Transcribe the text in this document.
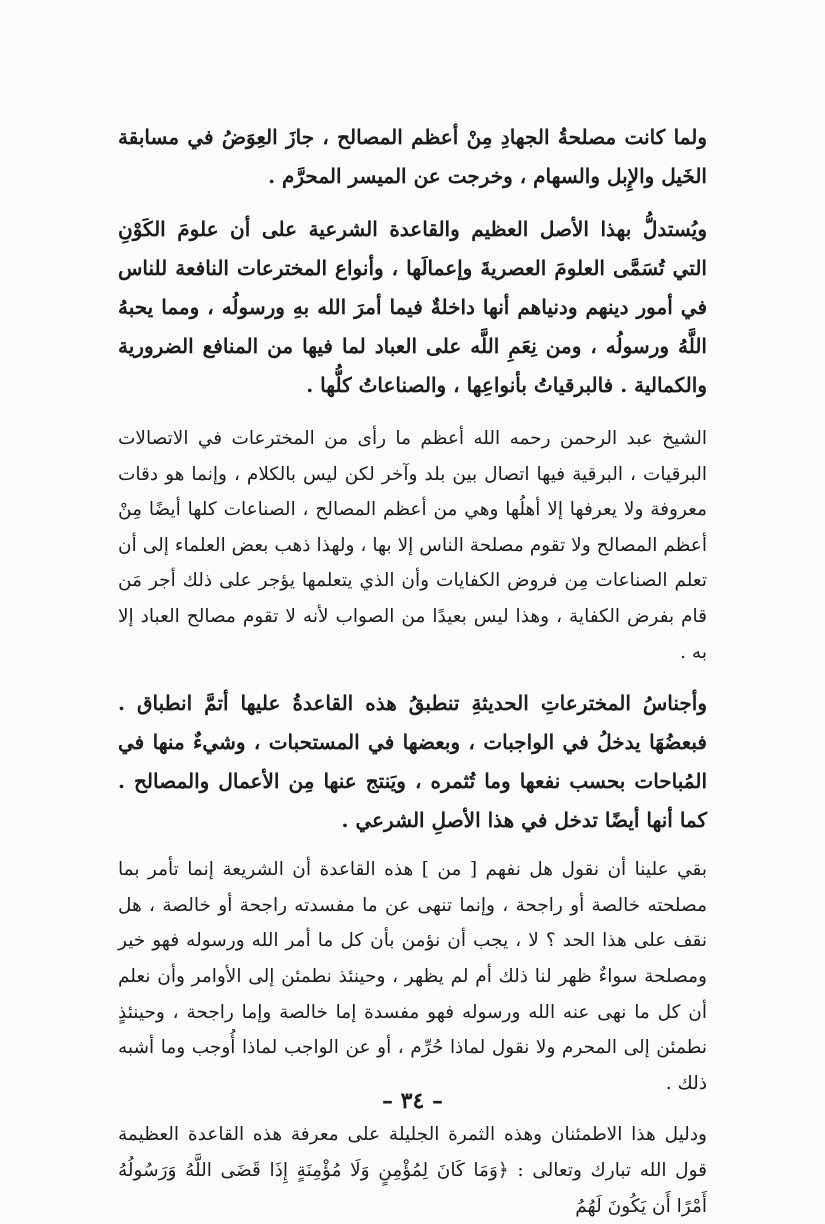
ولما كانت مصلحةُ الجهادِ مِنْ أعظم المصالح ، جازَ العِوَضُ في مسابقة الخَيل والإِبل والسهام ، وخرجت عن الميسر المحرَّم .

ويُستدلُّ بهذا الأصل العظيم والقاعدة الشرعية على أن علومَ الكَوْنِ التي تُسَمَّى العلومَ العصريةَ وإعمالَها ، وأنواع المخترعات النافعة للناس في أمور دينهم ودنياهم أنها داخلةٌ فيما أمرَ الله بهِ ورسولُه ، ومما يحبهُ اللَّهُ ورسولُه ، ومن نِعَمِ اللَّه على العباد لما فيها من المنافع الضرورية والكمالية . فالبرقياتُ بأنواعِها ، والصناعاتُ كلُّها .

الشيخ عبد الرحمن رحمه الله أعظم ما رأى من المخترعات في الاتصالات البرقيات ، البرقية فيها اتصال بين بلد وآخر لكن ليس بالكلام ، وإنما هو دقات معروفة ولا يعرفها إلا أهلُها وهي من أعظم المصالح ، الصناعات كلها أيضًا مِنْ أعظم المصالح ولا تقوم مصلحة الناس إلا بها ، ولهذا ذهب بعض العلماء إلى أن تعلم الصناعات مِن فروض الكفايات وأن الذي يتعلمها يؤجر على ذلك أجر مَن قام بفرض الكفاية ، وهذا ليس بعيدًا من الصواب لأنه لا تقوم مصالح العباد إلا به .

وأجناسُ المخترعاتِ الحديثةِ تنطبقُ هذه القاعدةُ عليها أتمَّ انطباق . فبعضُهَا يدخلُ في الواجبات ، وبعضها في المستحبات ، وشيءٌ منها في المُباحات بحسب نفعها وما تُثمره ، ويَنتج عنها مِن الأعمال والمصالح . كما أنها أيضًا تدخل في هذا الأصلِ الشرعي .

بقي علينا أن نقول هل نفهم [ من ] هذه القاعدة أن الشريعة إنما تأمر بما مصلحته خالصة أو راجحة ، وإنما تنهى عن ما مفسدته راجحة أو خالصة ، هل نقف على هذا الحد ؟ لا ، يجب أن نؤمن بأن كل ما أمر الله ورسوله فهو خير ومصلحة سواءٌ ظهر لنا ذلك أم لم يظهر ، وحينئذ نطمئن إلى الأوامر وأن نعلم أن كل ما نهى عنه الله ورسوله فهو مفسدة إما خالصة وإما راجحة ، وحينئذٍ نطمئن إلى المحرم ولا نقول لماذا حُرِّم ، أو عن الواجب لماذا أُوجب وما أشبه ذلك .

ودليل هذا الاطمئنان وهذه الثمرة الجليلة على معرفة هذه القاعدة العظيمة قول الله تبارك وتعالى : ﴿وَمَا كَانَ لِمُؤْمِنٍ وَلَا مُؤْمِنَةٍ إِذَا قَضَى اللَّهُ وَرَسُولُهُ أَمْرًا أَن يَكُونَ لَهُمُ

– ٣٤ –
